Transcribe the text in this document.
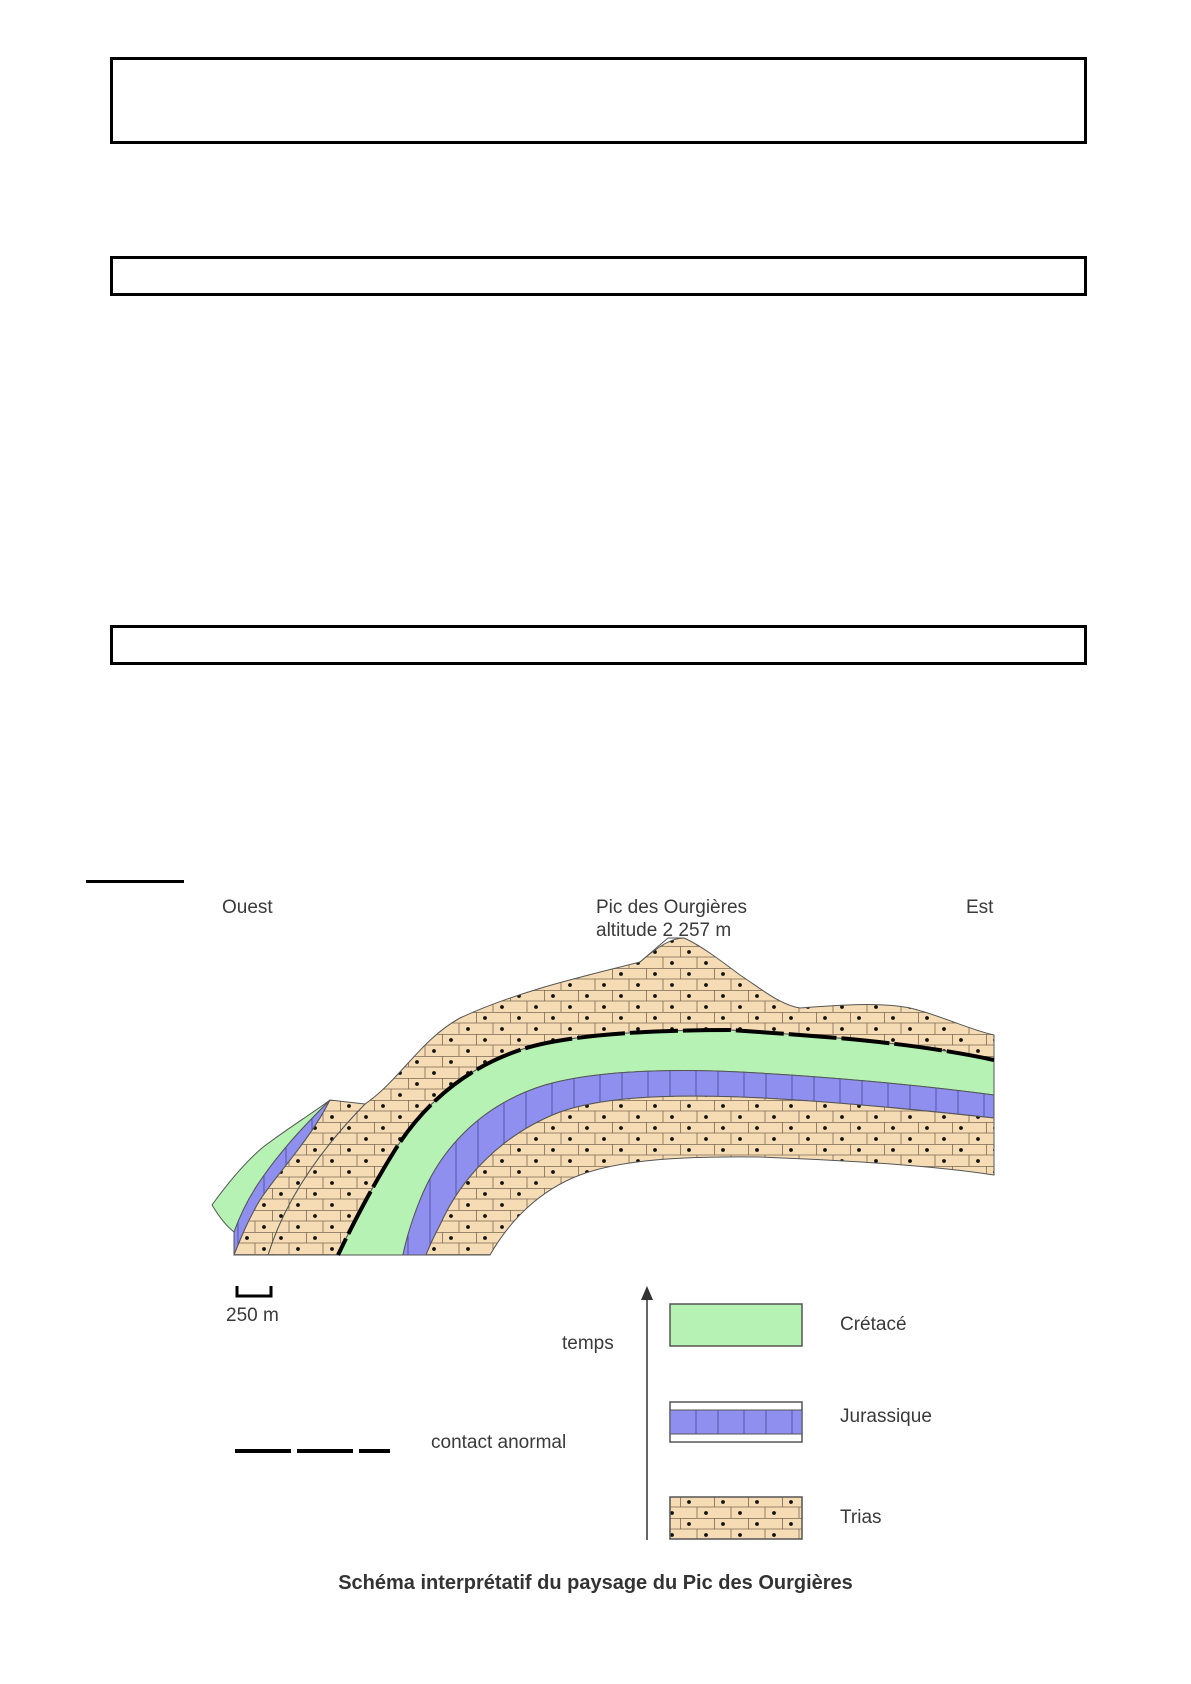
Ouest	Pic des Ourgières
altitude 2 257 m
Est
250 m
temps
contact anormal
Crétacé
Jurassique
Trias
Schéma interprétatif du paysage du Pic des Ourgières
